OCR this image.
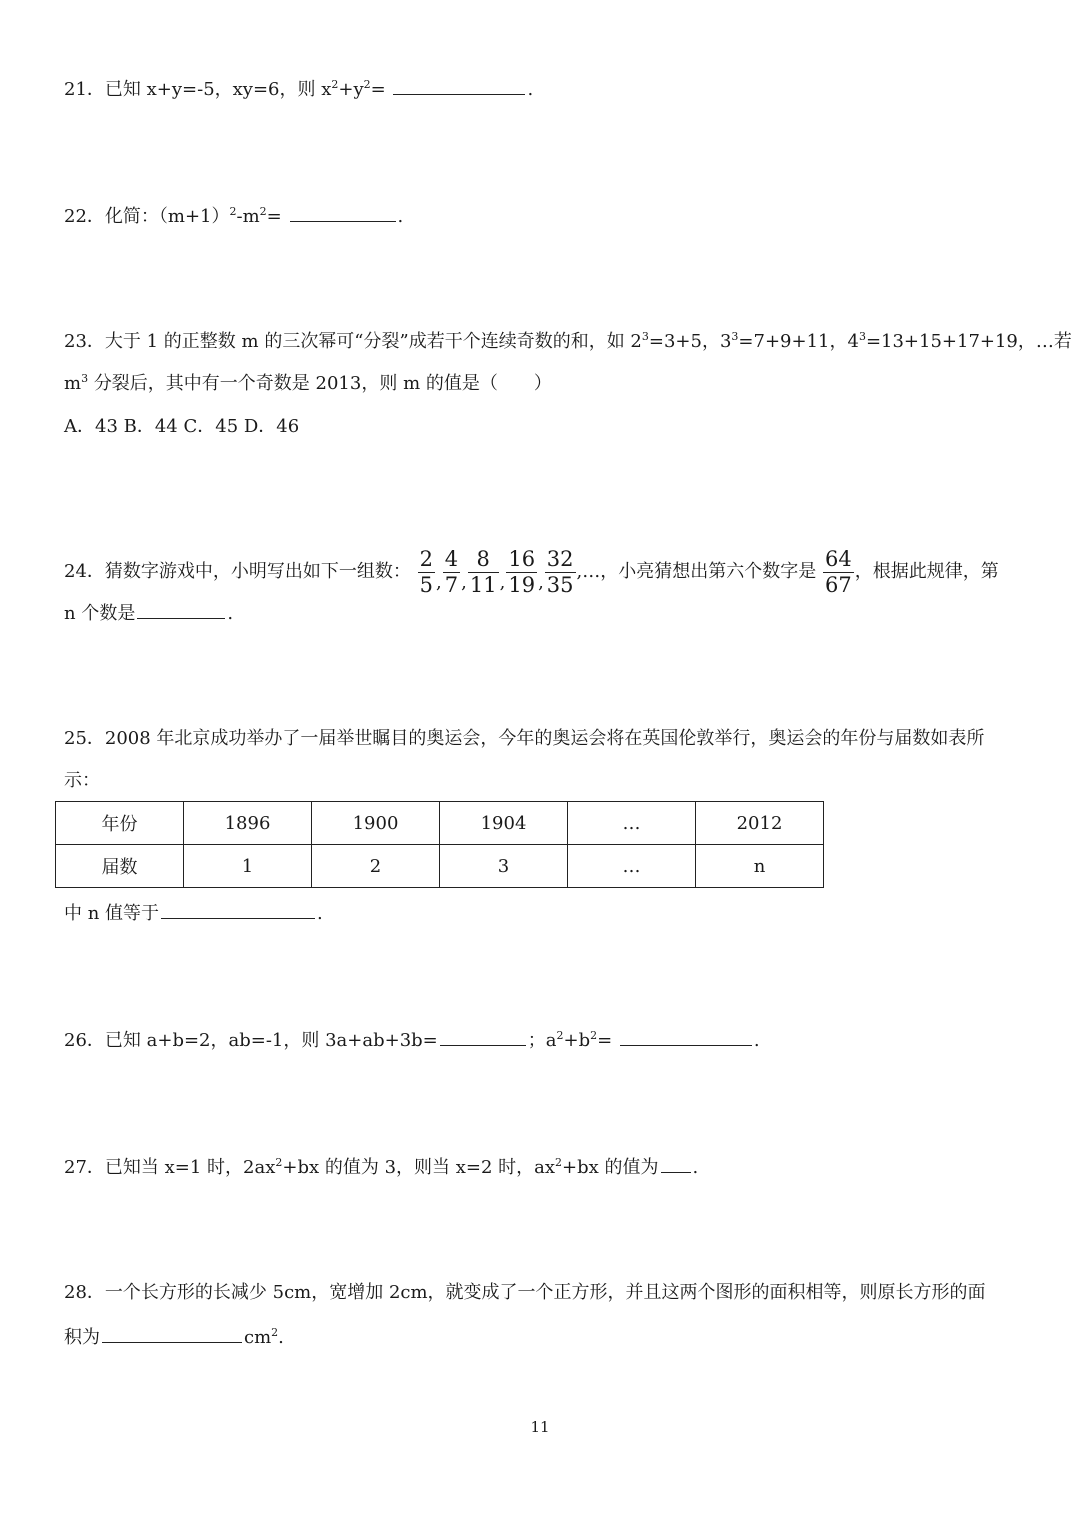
21．已知 x+y=-5，xy=6，则 $x^2+y^2=$	.
22．化简：$(m+1)^2-m^2=$	.
23．大于 1 的正整数 m 的三次幂可“分裂”成若干个连续奇数的和，如 $2^3=3+5$，$3^3=7+9+11$，$4^3=13+15+17+19$，…若
$m^3$ 分裂后，其中有一个奇数是 2013，则 m 的值是（　　）
A．43 B．44 C．45 D．46
24．猜数字游戏中，小明写出如下一组数： $\frac{2}{5}$ , $\frac{4}{7}$ , $\frac{8}{11}$ , $\frac{16}{19}$ , $\frac{32}{35}$ ,…，小亮猜想出第六个数字是 $\frac{64}{67}$ ，根据此规律，第
n 个数是	.
25．2008 年北京成功举办了一届举世瞩目的奥运会，今年的奥运会将在英国伦敦举行，奥运会的年份与届数如表所
示：
年份	1896	1900	1904	…	2012
届数	1	2	3	…	n
中 n 值等于	.
26．已知 a+b=2，ab=-1，则 3a+ab+3b=	；$a^2+b^2=$	.
27．已知当 x=1 时，$2ax^2+bx$ 的值为 3，则当 x=2 时，$ax^2+bx$ 的值为 .
28．一个长方形的长减少 5cm，宽增加 2cm，就变成了一个正方形，并且这两个图形的面积相等，则原长方形的面
积为	$cm^2$.
11
